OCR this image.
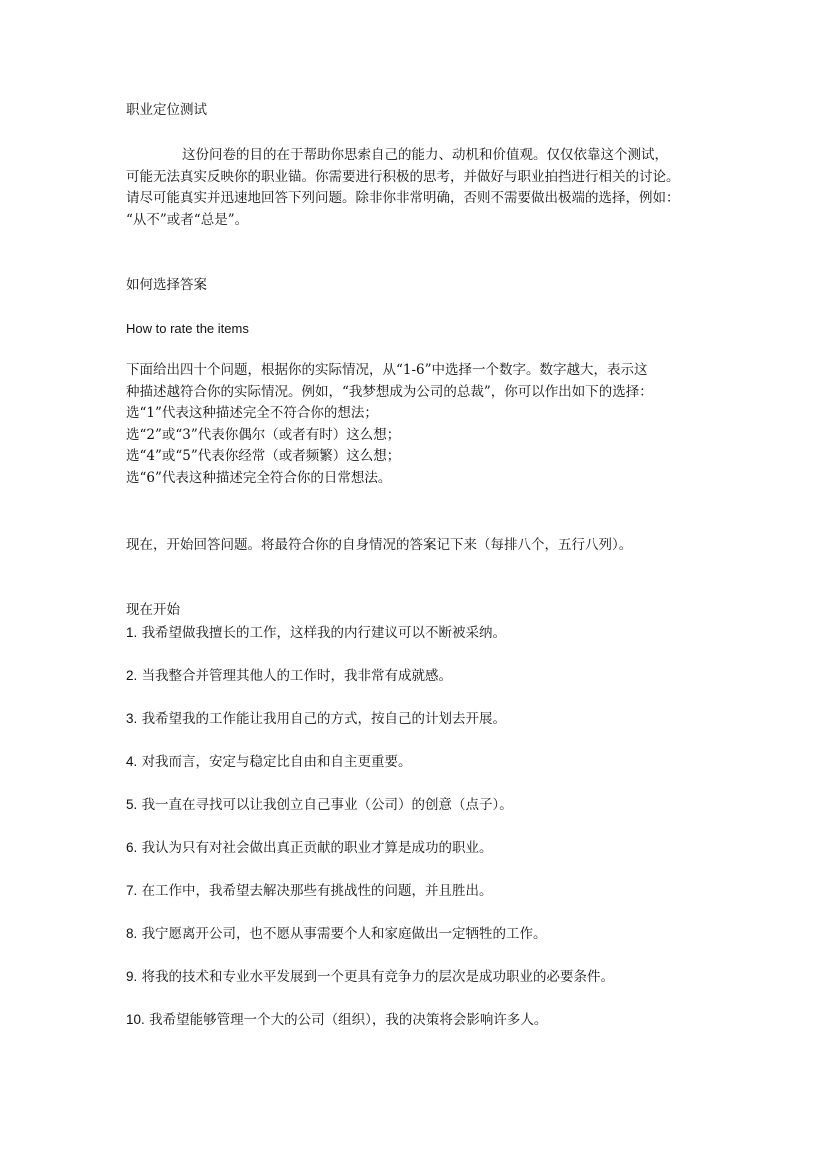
职业定位测试

这份问卷的目的在于帮助你思索自己的能力、动机和价值观。仅仅依靠这个测试，
可能无法真实反映你的职业锚。你需要进行积极的思考，并做好与职业拍挡进行相关的讨论。
请尽可能真实并迅速地回答下列问题。除非你非常明确，否则不需要做出极端的选择，例如：
“从不”或者“总是”。

如何选择答案

How to rate the items

下面给出四十个问题，根据你的实际情况，从“1-6”中选择一个数字。数字越大，表示这
种描述越符合你的实际情况。例如，“我梦想成为公司的总裁”，你可以作出如下的选择：
选“1”代表这种描述完全不符合你的想法；
选“2”或“3”代表你偶尔（或者有时）这么想；
选“4”或“5”代表你经常（或者频繁）这么想；
选“6”代表这种描述完全符合你的日常想法。

现在，开始回答问题。将最符合你的自身情况的答案记下来（每排八个，五行八列）。

现在开始

1. 我希望做我擅长的工作，这样我的内行建议可以不断被采纳。

2. 当我整合并管理其他人的工作时，我非常有成就感。

3. 我希望我的工作能让我用自己的方式，按自己的计划去开展。

4. 对我而言，安定与稳定比自由和自主更重要。

5. 我一直在寻找可以让我创立自己事业（公司）的创意（点子）。

6. 我认为只有对社会做出真正贡献的职业才算是成功的职业。

7. 在工作中，我希望去解决那些有挑战性的问题，并且胜出。

8. 我宁愿离开公司，也不愿从事需要个人和家庭做出一定牺牲的工作。

9. 将我的技术和专业水平发展到一个更具有竞争力的层次是成功职业的必要条件。

10. 我希望能够管理一个大的公司（组织），我的决策将会影响许多人。
